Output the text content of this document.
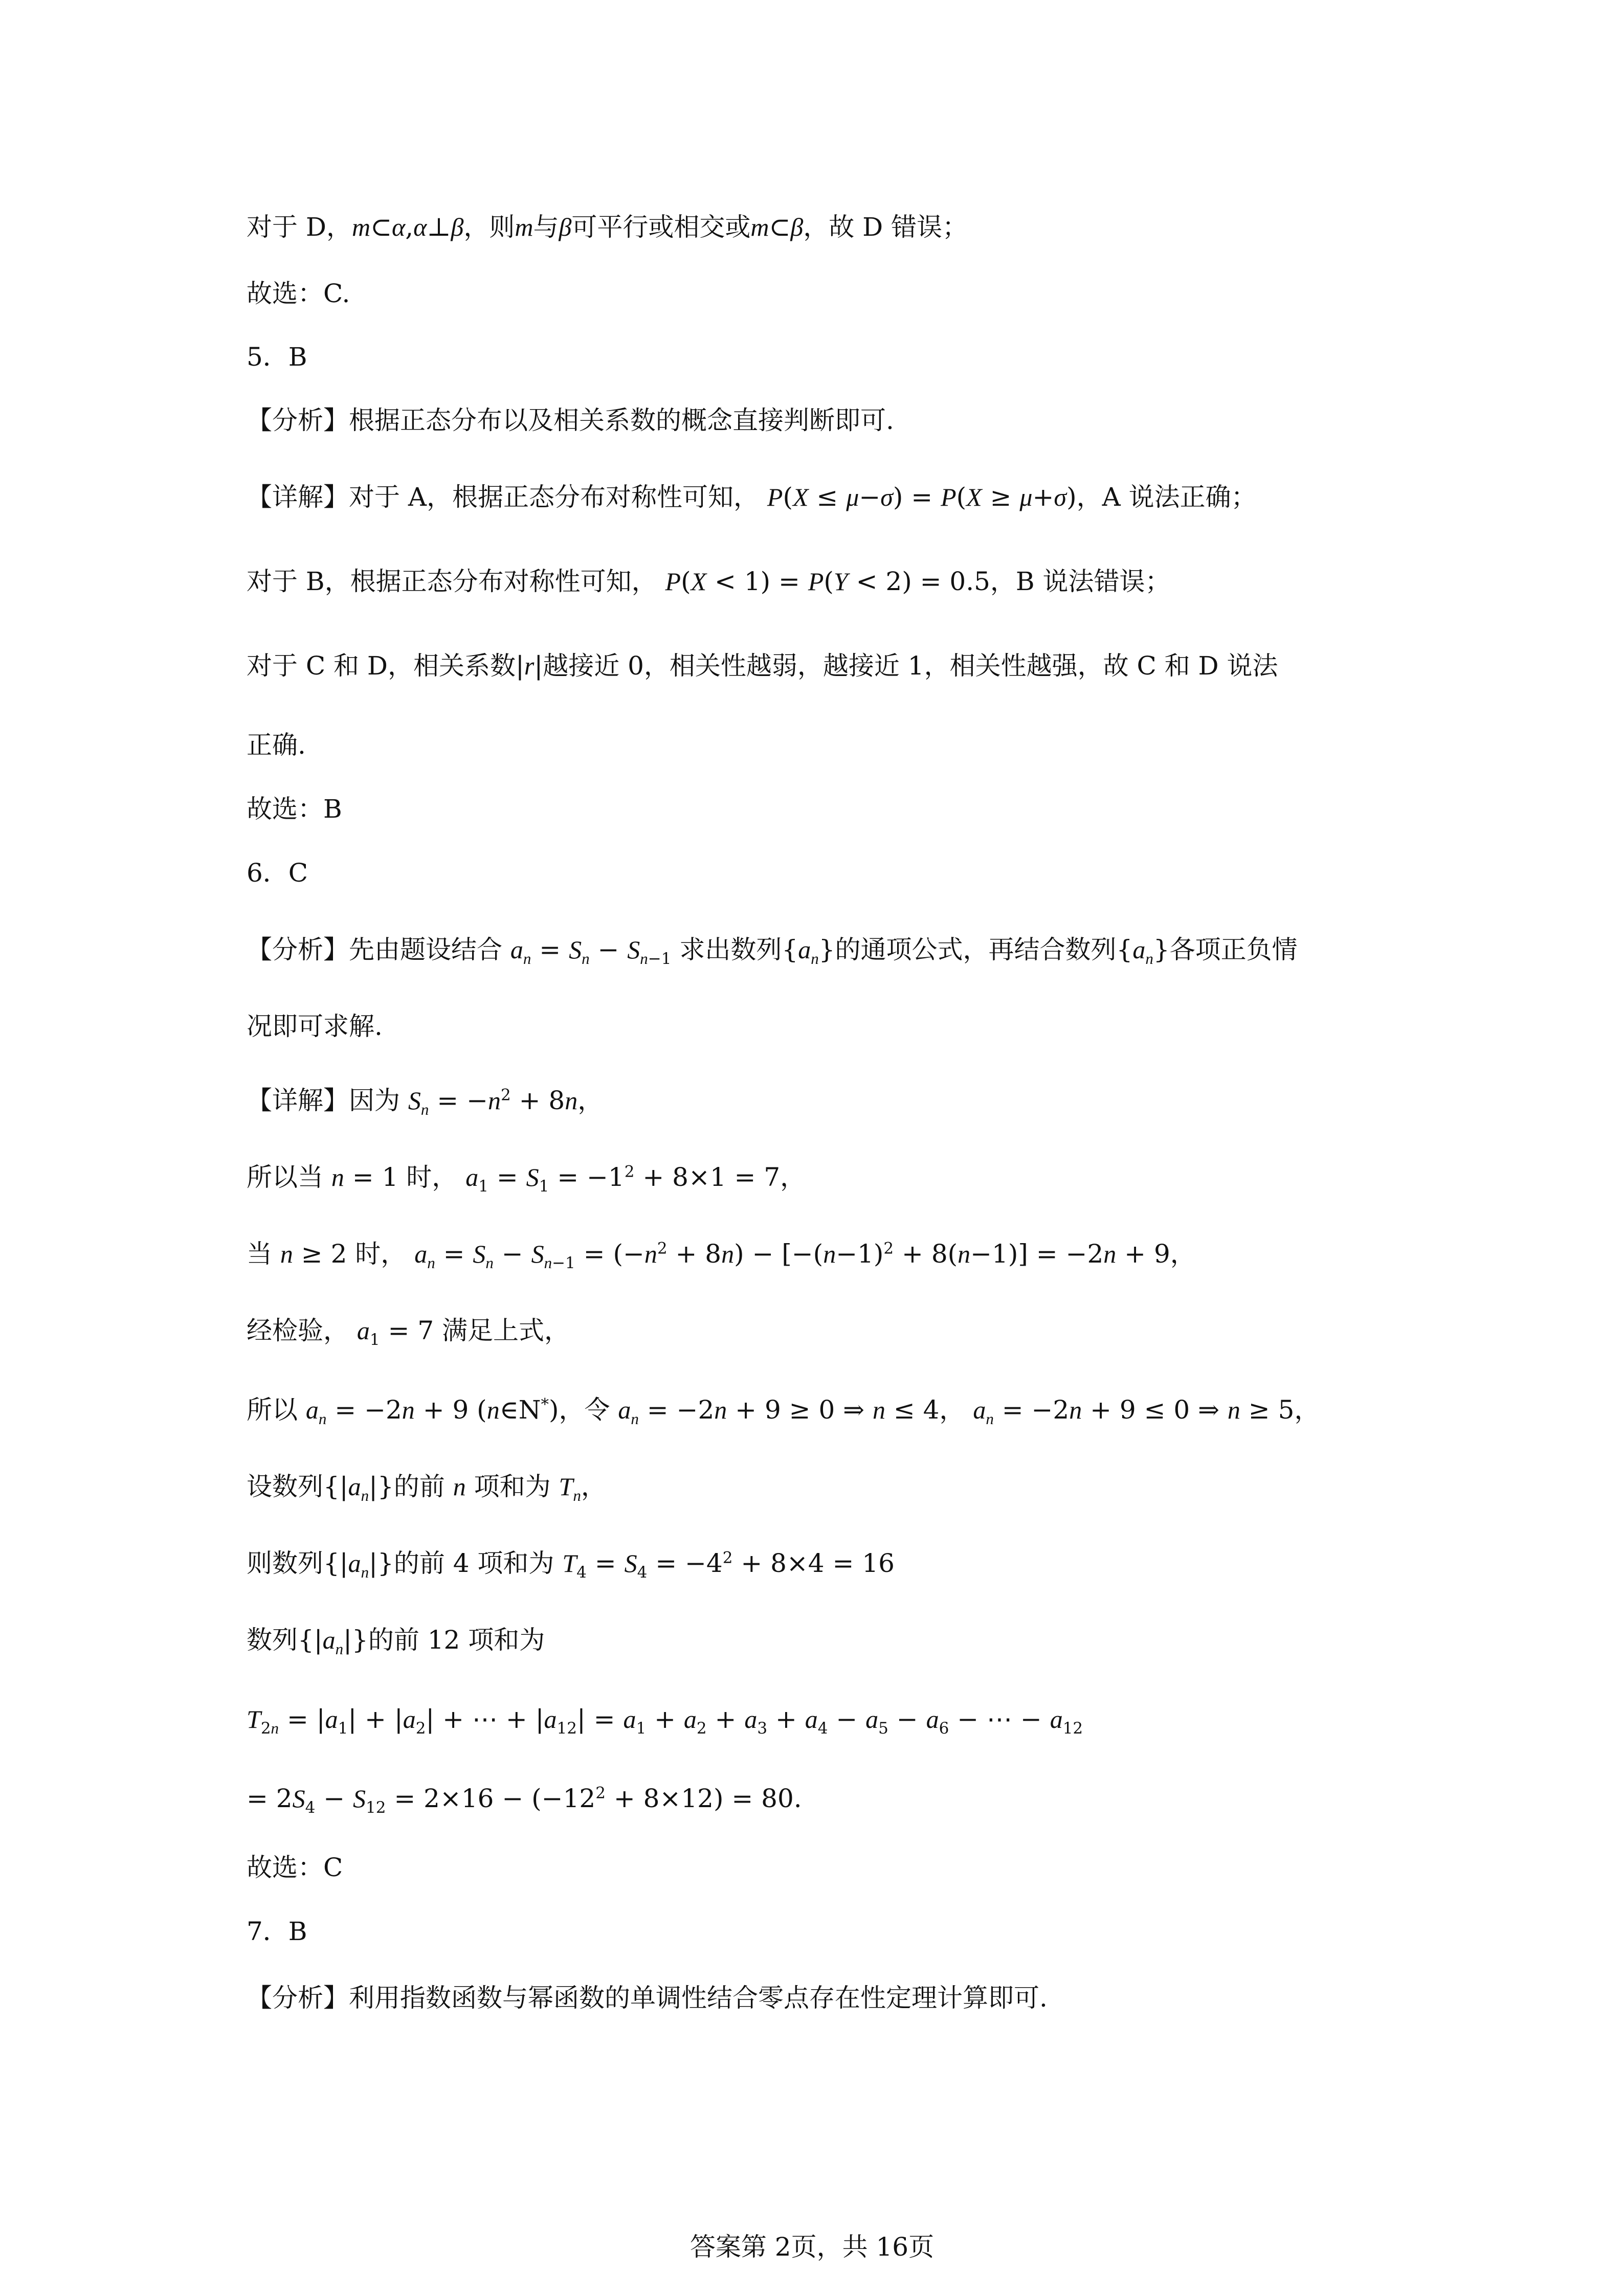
对于 D，m⊂α,α⊥β，则m与β可平行或相交或m⊂β，故 D 错误；
故选：C.
5．B
【分析】根据正态分布以及相关系数的概念直接判断即可.
【详解】对于 A，根据正态分布对称性可知， P(X ≤ μ−σ) = P(X ≥ μ+σ)，A 说法正确；
对于 B，根据正态分布对称性可知， P(X < 1) = P(Y < 2) = 0.5，B 说法错误；
对于 C 和 D，相关系数|r|越接近 0，相关性越弱，越接近 1，相关性越强，故 C 和 D 说法
正确.
故选：B
6．C
【分析】先由题设结合 $a_n = S_n - S_{n-1}$ 求出数列$\{a_n\}$的通项公式，再结合数列$\{a_n\}$各项正负情
况即可求解.
【详解】因为 $S_n = -n^2 + 8n$，
所以当 n = 1 时， $a_1 = S_1 = -1^2 + 8\times 1 = 7$，
当 n ≥ 2 时， $a_n = S_n - S_{n-1} = (-n^2 + 8n) - [-(n-1)^2 + 8(n-1)] = -2n + 9$，
经检验， $a_1 = 7$ 满足上式，
所以 $a_n = -2n + 9$ (n∈N*)，令 $a_n = -2n + 9 \ge 0$ ⇒ n ≤ 4， $a_n = -2n + 9 \le 0$ ⇒ n ≥ 5，
设数列$\{|a_n|\}$的前 n 项和为 $T_n$，
则数列$\{|a_n|\}$的前 4 项和为 $T_4 = S_4 = -4^2 + 8\times 4 = 16$
数列$\{|a_n|\}$的前 12 项和为
$T_{2n} = |a_1| + |a_2|$ + ⋯ + $|a_{12}| = a_1 + a_2 + a_3 + a_4 - a_5 - a_6$ − ⋯ − $a_{12}$
= $2S_4 - S_{12} = 2\times 16 - (-12^2 + 8\times 12) = 80$.
故选：C
7．B
【分析】利用指数函数与幂函数的单调性结合零点存在性定理计算即可.
答案第 2页，共 16页
